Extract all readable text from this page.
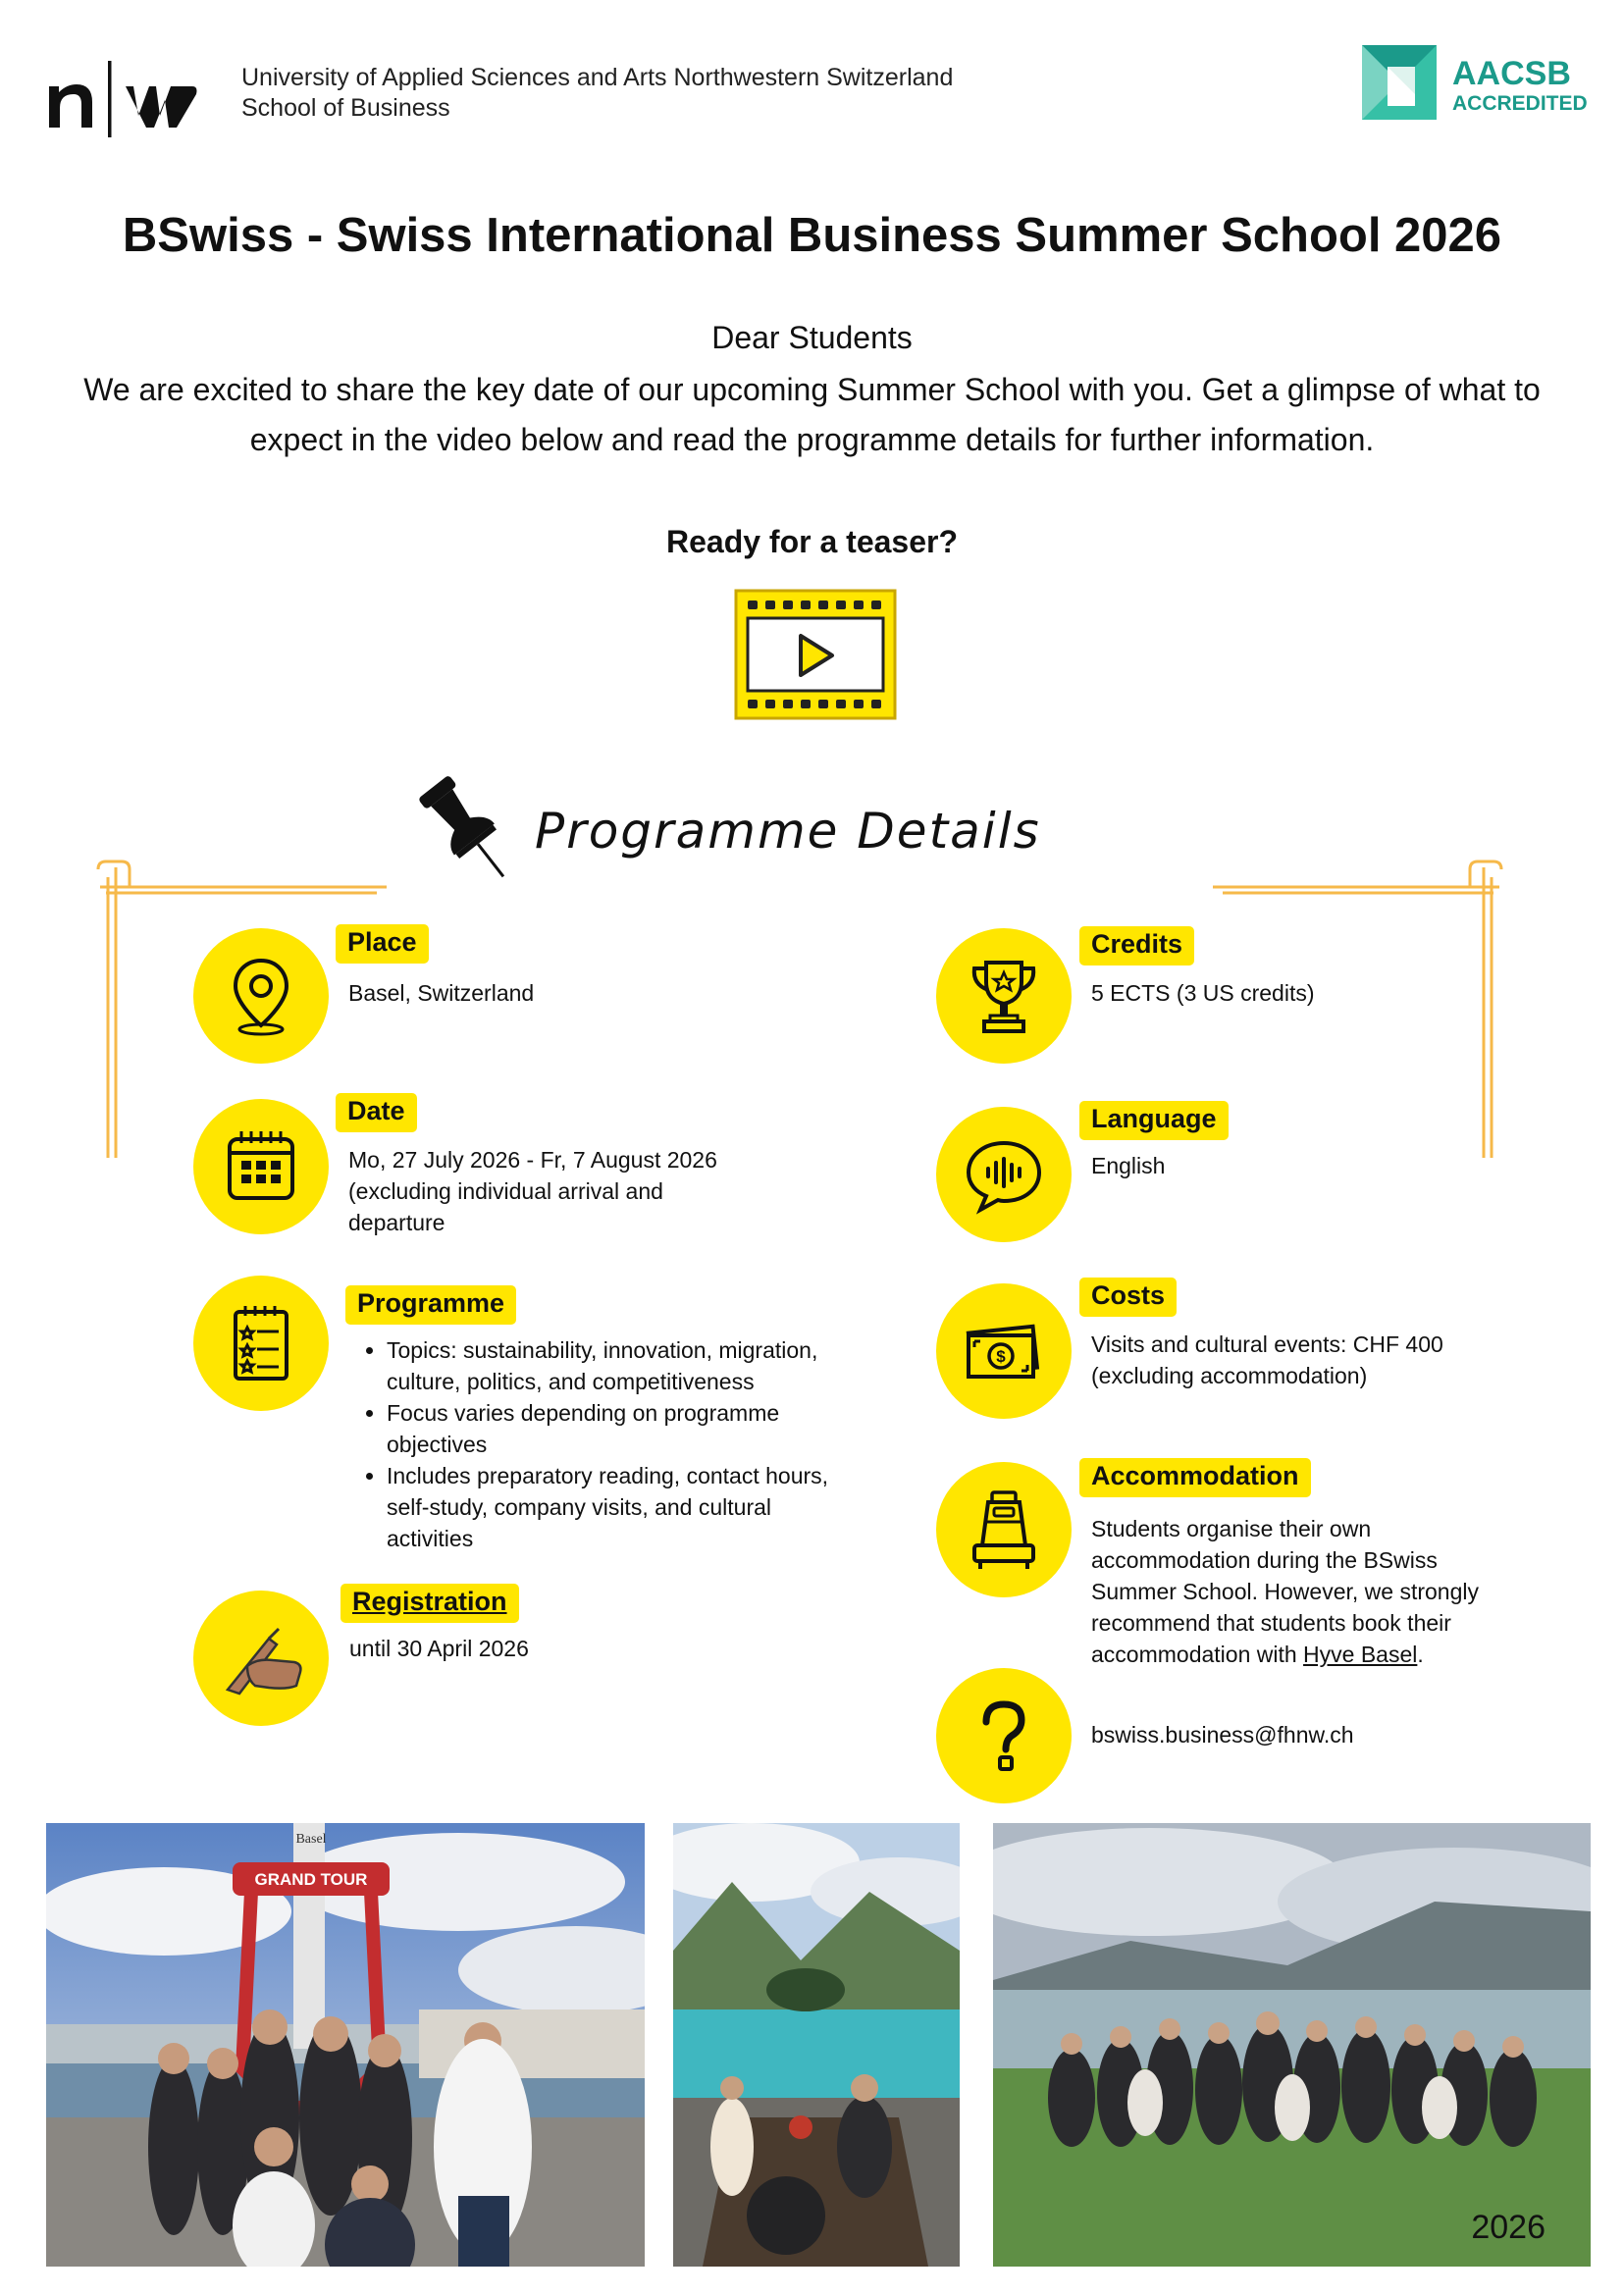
University of Applied Sciences and Arts Northwestern Switzerland
School of Business
AACSB
ACCREDITED
BSwiss - Swiss International Business Summer School 2026
Dear Students
We are excited to share the key date of our upcoming Summer School with you. Get a glimpse of what to expect in the video below and read the programme details for further information.
Ready for a teaser?
Programme Details
Place
Basel, Switzerland
Date
Mo, 27 July 2026 - Fr, 7 August 2026 (excluding individual arrival and departure
Programme
• Topics: sustainability, innovation, migration, culture, politics, and competitiveness
• Focus varies depending on programme objectives
• Includes preparatory reading, contact hours, self-study, company visits, and cultural activities
Registration
until 30 April 2026
Credits
5 ECTS (3 US credits)
Language
English
$
Costs
Visits and cultural events: CHF 400 (excluding accommodation)
Accommodation
Students organise their own accommodation during the BSwiss Summer School. However, we strongly recommend that students book their accommodation with Hyve Basel.
bswiss.business@fhnw.ch
Basel
GRAND TOUR
2026
